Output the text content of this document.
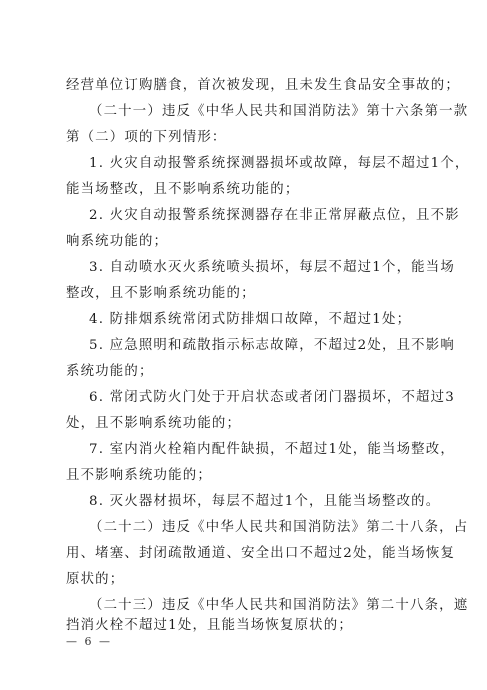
经营单位订购膳食，首次被发现，且未发生食品安全事故的；
（二十一）违反《中华人民共和国消防法》第十六条第一款
第（二）项的下列情形：
1. 火灾自动报警系统探测器损坏或故障，每层不超过1个，
能当场整改，且不影响系统功能的；
2. 火灾自动报警系统探测器存在非正常屏蔽点位，且不影
响系统功能的；
3. 自动喷水灭火系统喷头损坏，每层不超过1个，能当场
整改，且不影响系统功能的；
4. 防排烟系统常闭式防排烟口故障，不超过1处；
5. 应急照明和疏散指示标志故障，不超过2处，且不影响
系统功能的；
6. 常闭式防火门处于开启状态或者闭门器损坏，不超过3
处，且不影响系统功能的；
7. 室内消火栓箱内配件缺损，不超过1处，能当场整改，
且不影响系统功能的；
8. 灭火器材损坏，每层不超过1个，且能当场整改的。
（二十二）违反《中华人民共和国消防法》第二十八条，占
用、堵塞、封闭疏散通道、安全出口不超过2处，能当场恢复
原状的；
（二十三）违反《中华人民共和国消防法》第二十八条，遮
挡消火栓不超过1处，且能当场恢复原状的；
— 6 —
